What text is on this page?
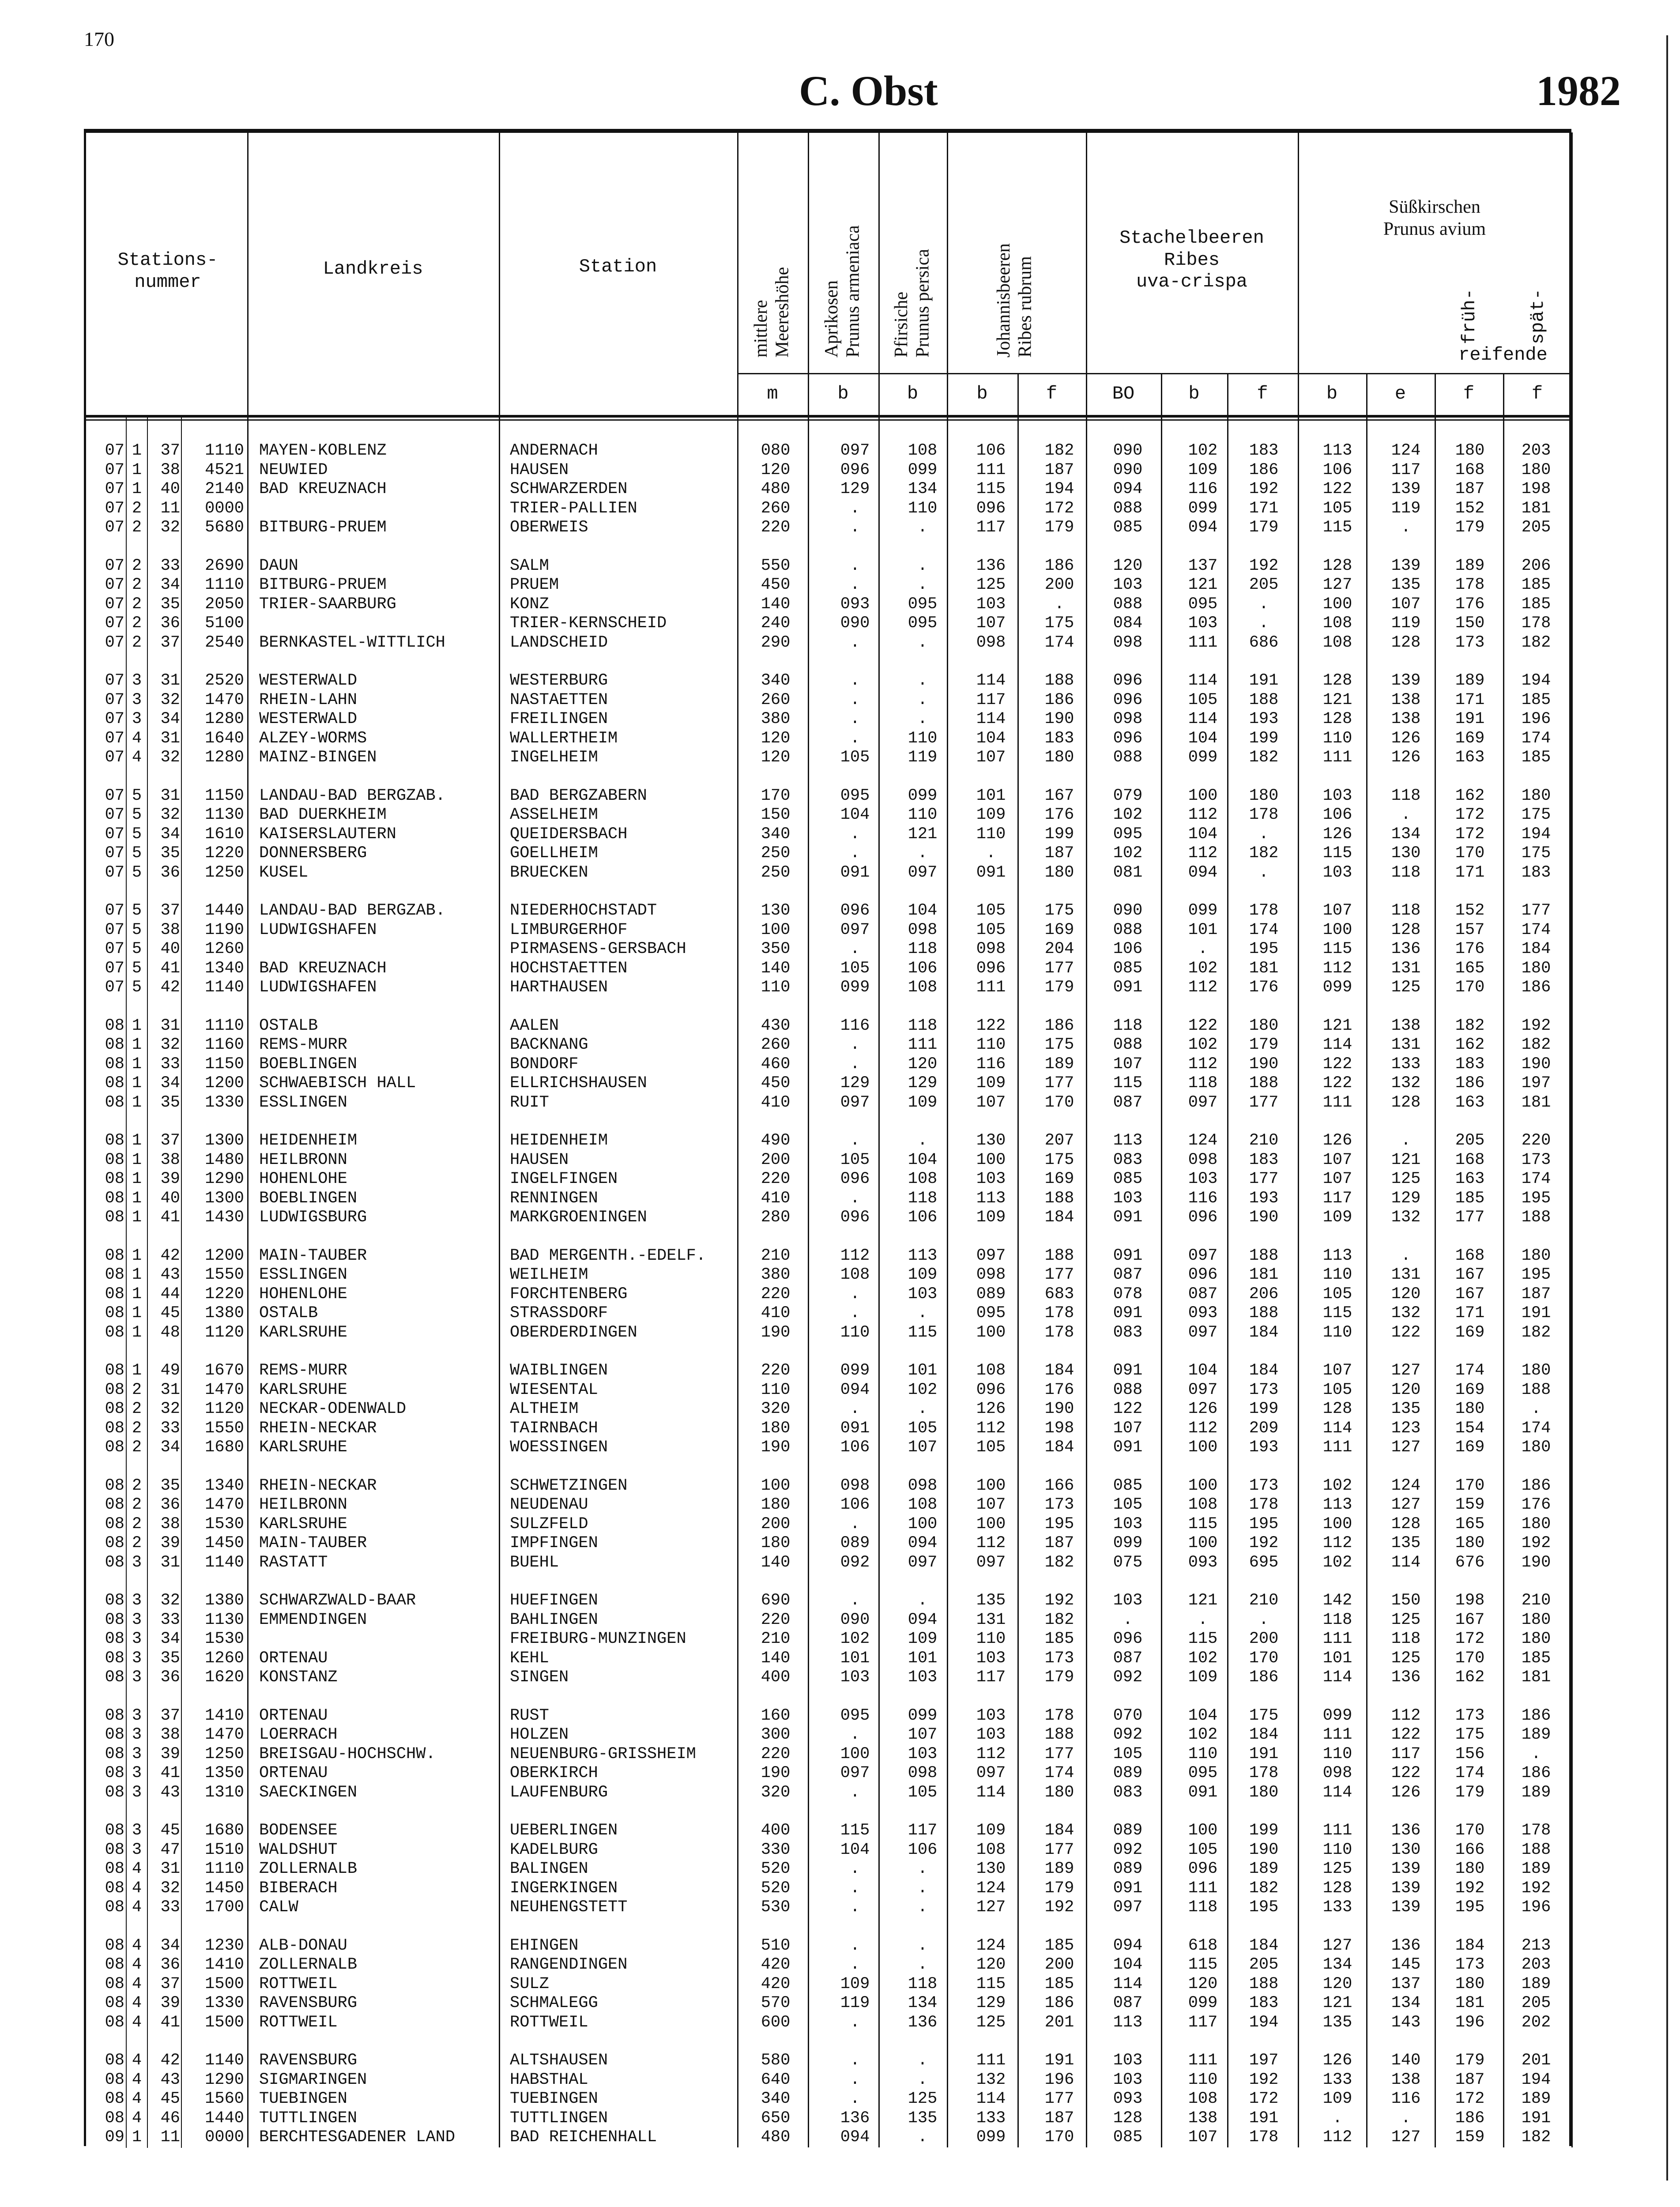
170
C. Obst	1982
Stations-
nummer
Landkreis	Station
mittlere
Meereshöhe Aprikosen
Prunus armeniaca
Pfirsiche
Prunus persica	Johannisbeeren
Ribes rubrum
Stachelbeeren
Ribes
uva-crispa
Süßkirschen
Prunus avium
früh-	spät-
reifende
m	b	b	b	f	BO	b	f	b	e	f	f
07 1	37	1110 MAYEN-KOBLENZ	ANDERNACH	080	097	108	106	182	090	102	183	113	124	180	203
07 1	38	4521 NEUWIED	HAUSEN	120	096	099	111	187	090	109	186	106	117	168	180
07 1	40	2140 BAD KREUZNACH	SCHWARZERDEN	480	129	134	115	194	094	116	192	122	139	187	198
07 2	11	0000	TRIER-PALLIEN	260	.	110	096	172	088	099	171	105	119	152	181
07 2	32	5680 BITBURG-PRUEM	OBERWEIS	220	.	.	117	179	085	094	179	115	.	179	205
07 2	33	2690 DAUN	SALM	550	.	.	136	186	120	137	192	128	139	189	206
07 2	34	1110 BITBURG-PRUEM	PRUEM	450	.	.	125	200	103	121	205	127	135	178	185
07 2	35	2050 TRIER-SAARBURG	KONZ	140	093	095	103	.	088	095	.	100	107	176	185
07 2	36	5100	TRIER-KERNSCHEID	240	090	095	107	175	084	103	.	108	119	150	178
07 2	37	2540 BERNKASTEL-WITTLICH	LANDSCHEID	290	.	.	098	174	098	111	686	108	128	173	182
07 3	31	2520 WESTERWALD	WESTERBURG	340	.	.	114	188	096	114	191	128	139	189	194
07 3	32	1470 RHEIN-LAHN	NASTAETTEN	260	.	.	117	186	096	105	188	121	138	171	185
07 3	34	1280 WESTERWALD	FREILINGEN	380	.	.	114	190	098	114	193	128	138	191	196
07 4	31	1640 ALZEY-WORMS	WALLERTHEIM	120	.	110	104	183	096	104	199	110	126	169	174
07 4	32	1280 MAINZ-BINGEN	INGELHEIM	120	105	119	107	180	088	099	182	111	126	163	185
07 5	31	1150 LANDAU-BAD BERGZAB.	BAD BERGZABERN	170	095	099	101	167	079	100	180	103	118	162	180
07 5	32	1130 BAD DUERKHEIM	ASSELHEIM	150	104	110	109	176	102	112	178	106	.	172	175
07 5	34	1610 KAISERSLAUTERN	QUEIDERSBACH	340	.	121	110	199	095	104	.	126	134	172	194
07 5	35	1220 DONNERSBERG	GOELLHEIM	250	.	.	.	187	102	112	182	115	130	170	175
07 5	36	1250 KUSEL	BRUECKEN	250	091	097	091	180	081	094	.	103	118	171	183
07 5	37	1440 LANDAU-BAD BERGZAB.	NIEDERHOCHSTADT	130	096	104	105	175	090	099	178	107	118	152	177
07 5	38	1190 LUDWIGSHAFEN	LIMBURGERHOF	100	097	098	105	169	088	101	174	100	128	157	174
07 5	40	1260	PIRMASENS-GERSBACH	350	.	118	098	204	106	.	195	115	136	176	184
07 5	41	1340 BAD KREUZNACH	HOCHSTAETTEN	140	105	106	096	177	085	102	181	112	131	165	180
07 5	42	1140 LUDWIGSHAFEN	HARTHAUSEN	110	099	108	111	179	091	112	176	099	125	170	186
08 1	31	1110 OSTALB	AALEN	430	116	118	122	186	118	122	180	121	138	182	192
08 1	32	1160 REMS-MURR	BACKNANG	260	.	111	110	175	088	102	179	114	131	162	182
08 1	33	1150 BOEBLINGEN	BONDORF	460	.	120	116	189	107	112	190	122	133	183	190
08 1	34	1200 SCHWAEBISCH HALL	ELLRICHSHAUSEN	450	129	129	109	177	115	118	188	122	132	186	197
08 1	35	1330 ESSLINGEN	RUIT	410	097	109	107	170	087	097	177	111	128	163	181
08 1	37	1300 HEIDENHEIM	HEIDENHEIM	490	.	.	130	207	113	124	210	126	.	205	220
08 1	38	1480 HEILBRONN	HAUSEN	200	105	104	100	175	083	098	183	107	121	168	173
08 1	39	1290 HOHENLOHE	INGELFINGEN	220	096	108	103	169	085	103	177	107	125	163	174
08 1	40	1300 BOEBLINGEN	RENNINGEN	410	.	118	113	188	103	116	193	117	129	185	195
08 1	41	1430 LUDWIGSBURG	MARKGROENINGEN	280	096	106	109	184	091	096	190	109	132	177	188
08 1	42	1200 MAIN-TAUBER	BAD MERGENTH.-EDELF.	210	112	113	097	188	091	097	188	113	.	168	180
08 1	43	1550 ESSLINGEN	WEILHEIM	380	108	109	098	177	087	096	181	110	131	167	195
08 1	44	1220 HOHENLOHE	FORCHTENBERG	220	.	103	089	683	078	087	206	105	120	167	187
08 1	45	1380 OSTALB	STRASSDORF	410	.	.	095	178	091	093	188	115	132	171	191
08 1	48	1120 KARLSRUHE	OBERDERDINGEN	190	110	115	100	178	083	097	184	110	122	169	182
08 1	49	1670 REMS-MURR	WAIBLINGEN	220	099	101	108	184	091	104	184	107	127	174	180
08 2	31	1470 KARLSRUHE	WIESENTAL	110	094	102	096	176	088	097	173	105	120	169	188
08 2	32	1120 NECKAR-ODENWALD	ALTHEIM	320	.	.	126	190	122	126	199	128	135	180	.
08 2	33	1550 RHEIN-NECKAR	TAIRNBACH	180	091	105	112	198	107	112	209	114	123	154	174
08 2	34	1680 KARLSRUHE	WOESSINGEN	190	106	107	105	184	091	100	193	111	127	169	180
08 2	35	1340 RHEIN-NECKAR	SCHWETZINGEN	100	098	098	100	166	085	100	173	102	124	170	186
08 2	36	1470 HEILBRONN	NEUDENAU	180	106	108	107	173	105	108	178	113	127	159	176
08 2	38	1530 KARLSRUHE	SULZFELD	200	.	100	100	195	103	115	195	100	128	165	180
08 2	39	1450 MAIN-TAUBER	IMPFINGEN	180	089	094	112	187	099	100	192	112	135	180	192
08 3	31	1140 RASTATT	BUEHL	140	092	097	097	182	075	093	695	102	114	676	190
08 3	32	1380 SCHWARZWALD-BAAR	HUEFINGEN	690	.	.	135	192	103	121	210	142	150	198	210
08 3	33	1130 EMMENDINGEN	BAHLINGEN	220	090	094	131	182	.	.	.	118	125	167	180
08 3	34	1530	FREIBURG-MUNZINGEN	210	102	109	110	185	096	115	200	111	118	172	180
08 3	35	1260 ORTENAU	KEHL	140	101	101	103	173	087	102	170	101	125	170	185
08 3	36	1620 KONSTANZ	SINGEN	400	103	103	117	179	092	109	186	114	136	162	181
08 3	37	1410 ORTENAU	RUST	160	095	099	103	178	070	104	175	099	112	173	186
08 3	38	1470 LOERRACH	HOLZEN	300	.	107	103	188	092	102	184	111	122	175	189
08 3	39	1250 BREISGAU-HOCHSCHW.	NEUENBURG-GRISSHEIM	220	100	103	112	177	105	110	191	110	117	156	.
08 3	41	1350 ORTENAU	OBERKIRCH	190	097	098	097	174	089	095	178	098	122	174	186
08 3	43	1310 SAECKINGEN	LAUFENBURG	320	.	105	114	180	083	091	180	114	126	179	189
08 3	45	1680 BODENSEE	UEBERLINGEN	400	115	117	109	184	089	100	199	111	136	170	178
08 3	47	1510 WALDSHUT	KADELBURG	330	104	106	108	177	092	105	190	110	130	166	188
08 4	31	1110 ZOLLERNALB	BALINGEN	520	.	.	130	189	089	096	189	125	139	180	189
08 4	32	1450 BIBERACH	INGERKINGEN	520	.	.	124	179	091	111	182	128	139	192	192
08 4	33	1700 CALW	NEUHENGSTETT	530	.	.	127	192	097	118	195	133	139	195	196
08 4	34	1230 ALB-DONAU	EHINGEN	510	.	.	124	185	094	618	184	127	136	184	213
08 4	36	1410 ZOLLERNALB	RANGENDINGEN	420	.	.	120	200	104	115	205	134	145	173	203
08 4	37	1500 ROTTWEIL	SULZ	420	109	118	115	185	114	120	188	120	137	180	189
08 4	39	1330 RAVENSBURG	SCHMALEGG	570	119	134	129	186	087	099	183	121	134	181	205
08 4	41	1500 ROTTWEIL	ROTTWEIL	600	.	136	125	201	113	117	194	135	143	196	202
08 4	42	1140 RAVENSBURG	ALTSHAUSEN	580	.	.	111	191	103	111	197	126	140	179	201
08 4	43	1290 SIGMARINGEN	HABSTHAL	640	.	.	132	196	103	110	192	133	138	187	194
08 4	45	1560 TUEBINGEN	TUEBINGEN	340	.	125	114	177	093	108	172	109	116	172	189
08 4	46	1440 TUTTLINGEN	TUTTLINGEN	650	136	135	133	187	128	138	191	.	.	186	191
09 1	11	0000 BERCHTESGADENER LAND	BAD REICHENHALL	480	094	.	099	170	085	107	178	112	127	159	182
